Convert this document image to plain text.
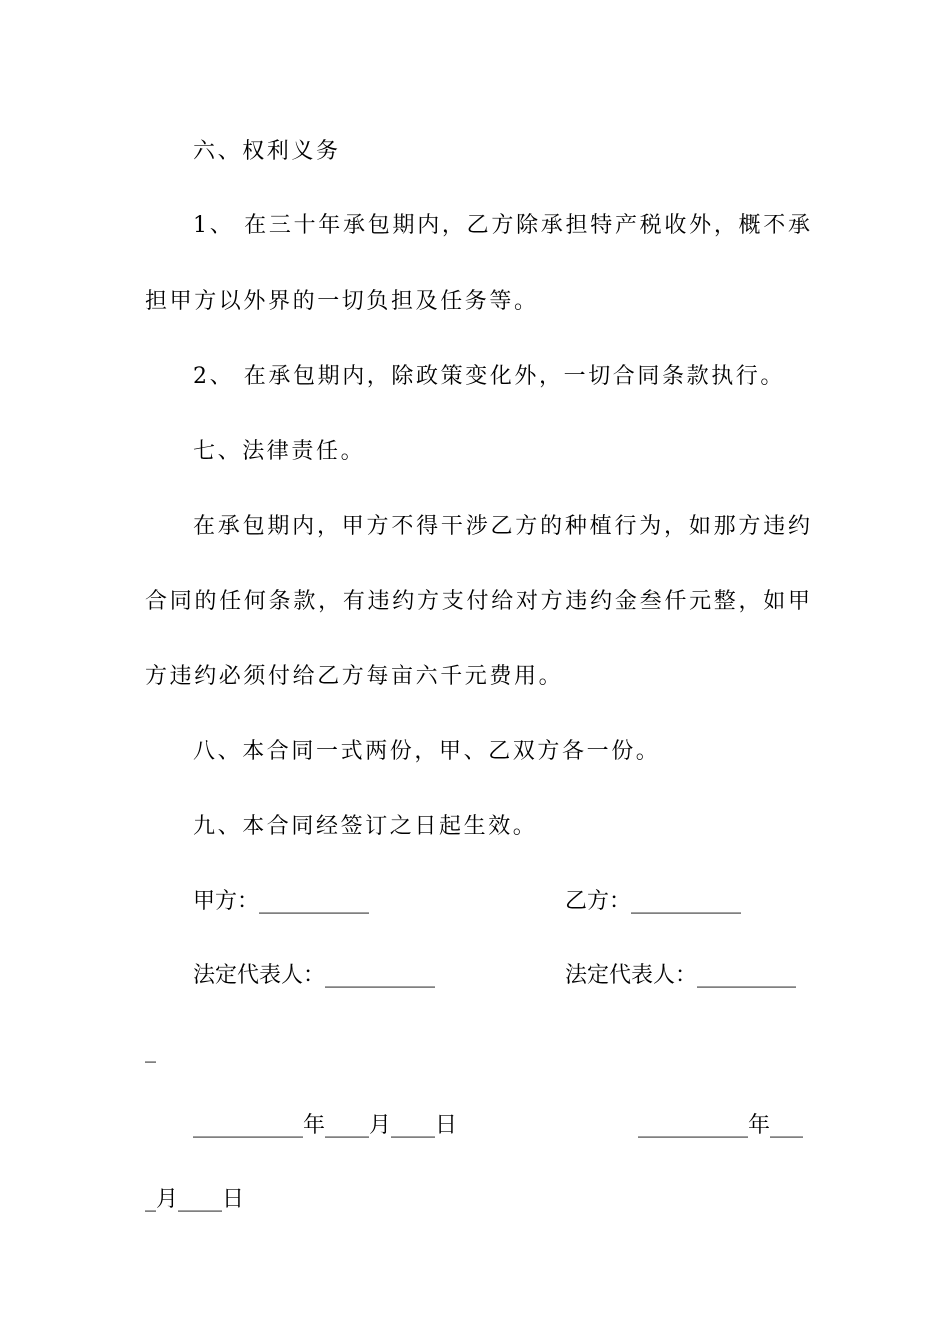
六、权利义务
1、 在三十年承包期内，乙方除承担特产税收外，概不承
担甲方以外界的一切负担及任务等。
2、 在承包期内，除政策变化外，一切合同条款执行。
七、法律责任。
在承包期内，甲方不得干涉乙方的种植行为，如那方违约
合同的任何条款，有违约方支付给对方违约金叁仟元整，如甲
方违约必须付给乙方每亩六千元费用。
八、本合同一式两份，甲、乙双方各一份。
九、本合同经签订之日起生效。
甲方：__________	乙方：__________
法定代表人：__________	法定代表人：_________
_
__________年____月____日	__________年___
_月____日
